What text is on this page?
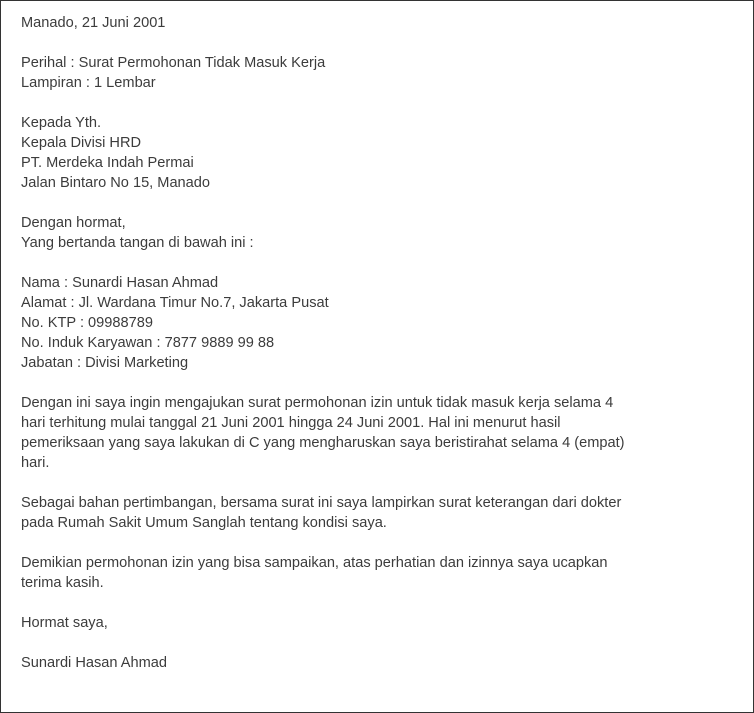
Manado, 21 Juni 2001
Perihal : Surat Permohonan Tidak Masuk Kerja
Lampiran : 1 Lembar
Kepada Yth.
Kepala Divisi HRD
PT. Merdeka Indah Permai
Jalan Bintaro No 15, Manado
Dengan hormat,
Yang bertanda tangan di bawah ini :
Nama : Sunardi Hasan Ahmad
Alamat : Jl. Wardana Timur No.7, Jakarta Pusat
No. KTP : 09988789
No. Induk Karyawan : 7877 9889 99 88
Jabatan : Divisi Marketing
Dengan ini saya ingin mengajukan surat permohonan izin untuk tidak masuk kerja selama 4
hari terhitung mulai tanggal 21 Juni 2001 hingga 24 Juni 2001. Hal ini menurut hasil
pemeriksaan yang saya lakukan di C yang mengharuskan saya beristirahat selama 4 (empat)
hari.
Sebagai bahan pertimbangan, bersama surat ini saya lampirkan surat keterangan dari dokter
pada Rumah Sakit Umum Sanglah tentang kondisi saya.
Demikian permohonan izin yang bisa sampaikan, atas perhatian dan izinnya saya ucapkan
terima kasih.
Hormat saya,
Sunardi Hasan Ahmad
